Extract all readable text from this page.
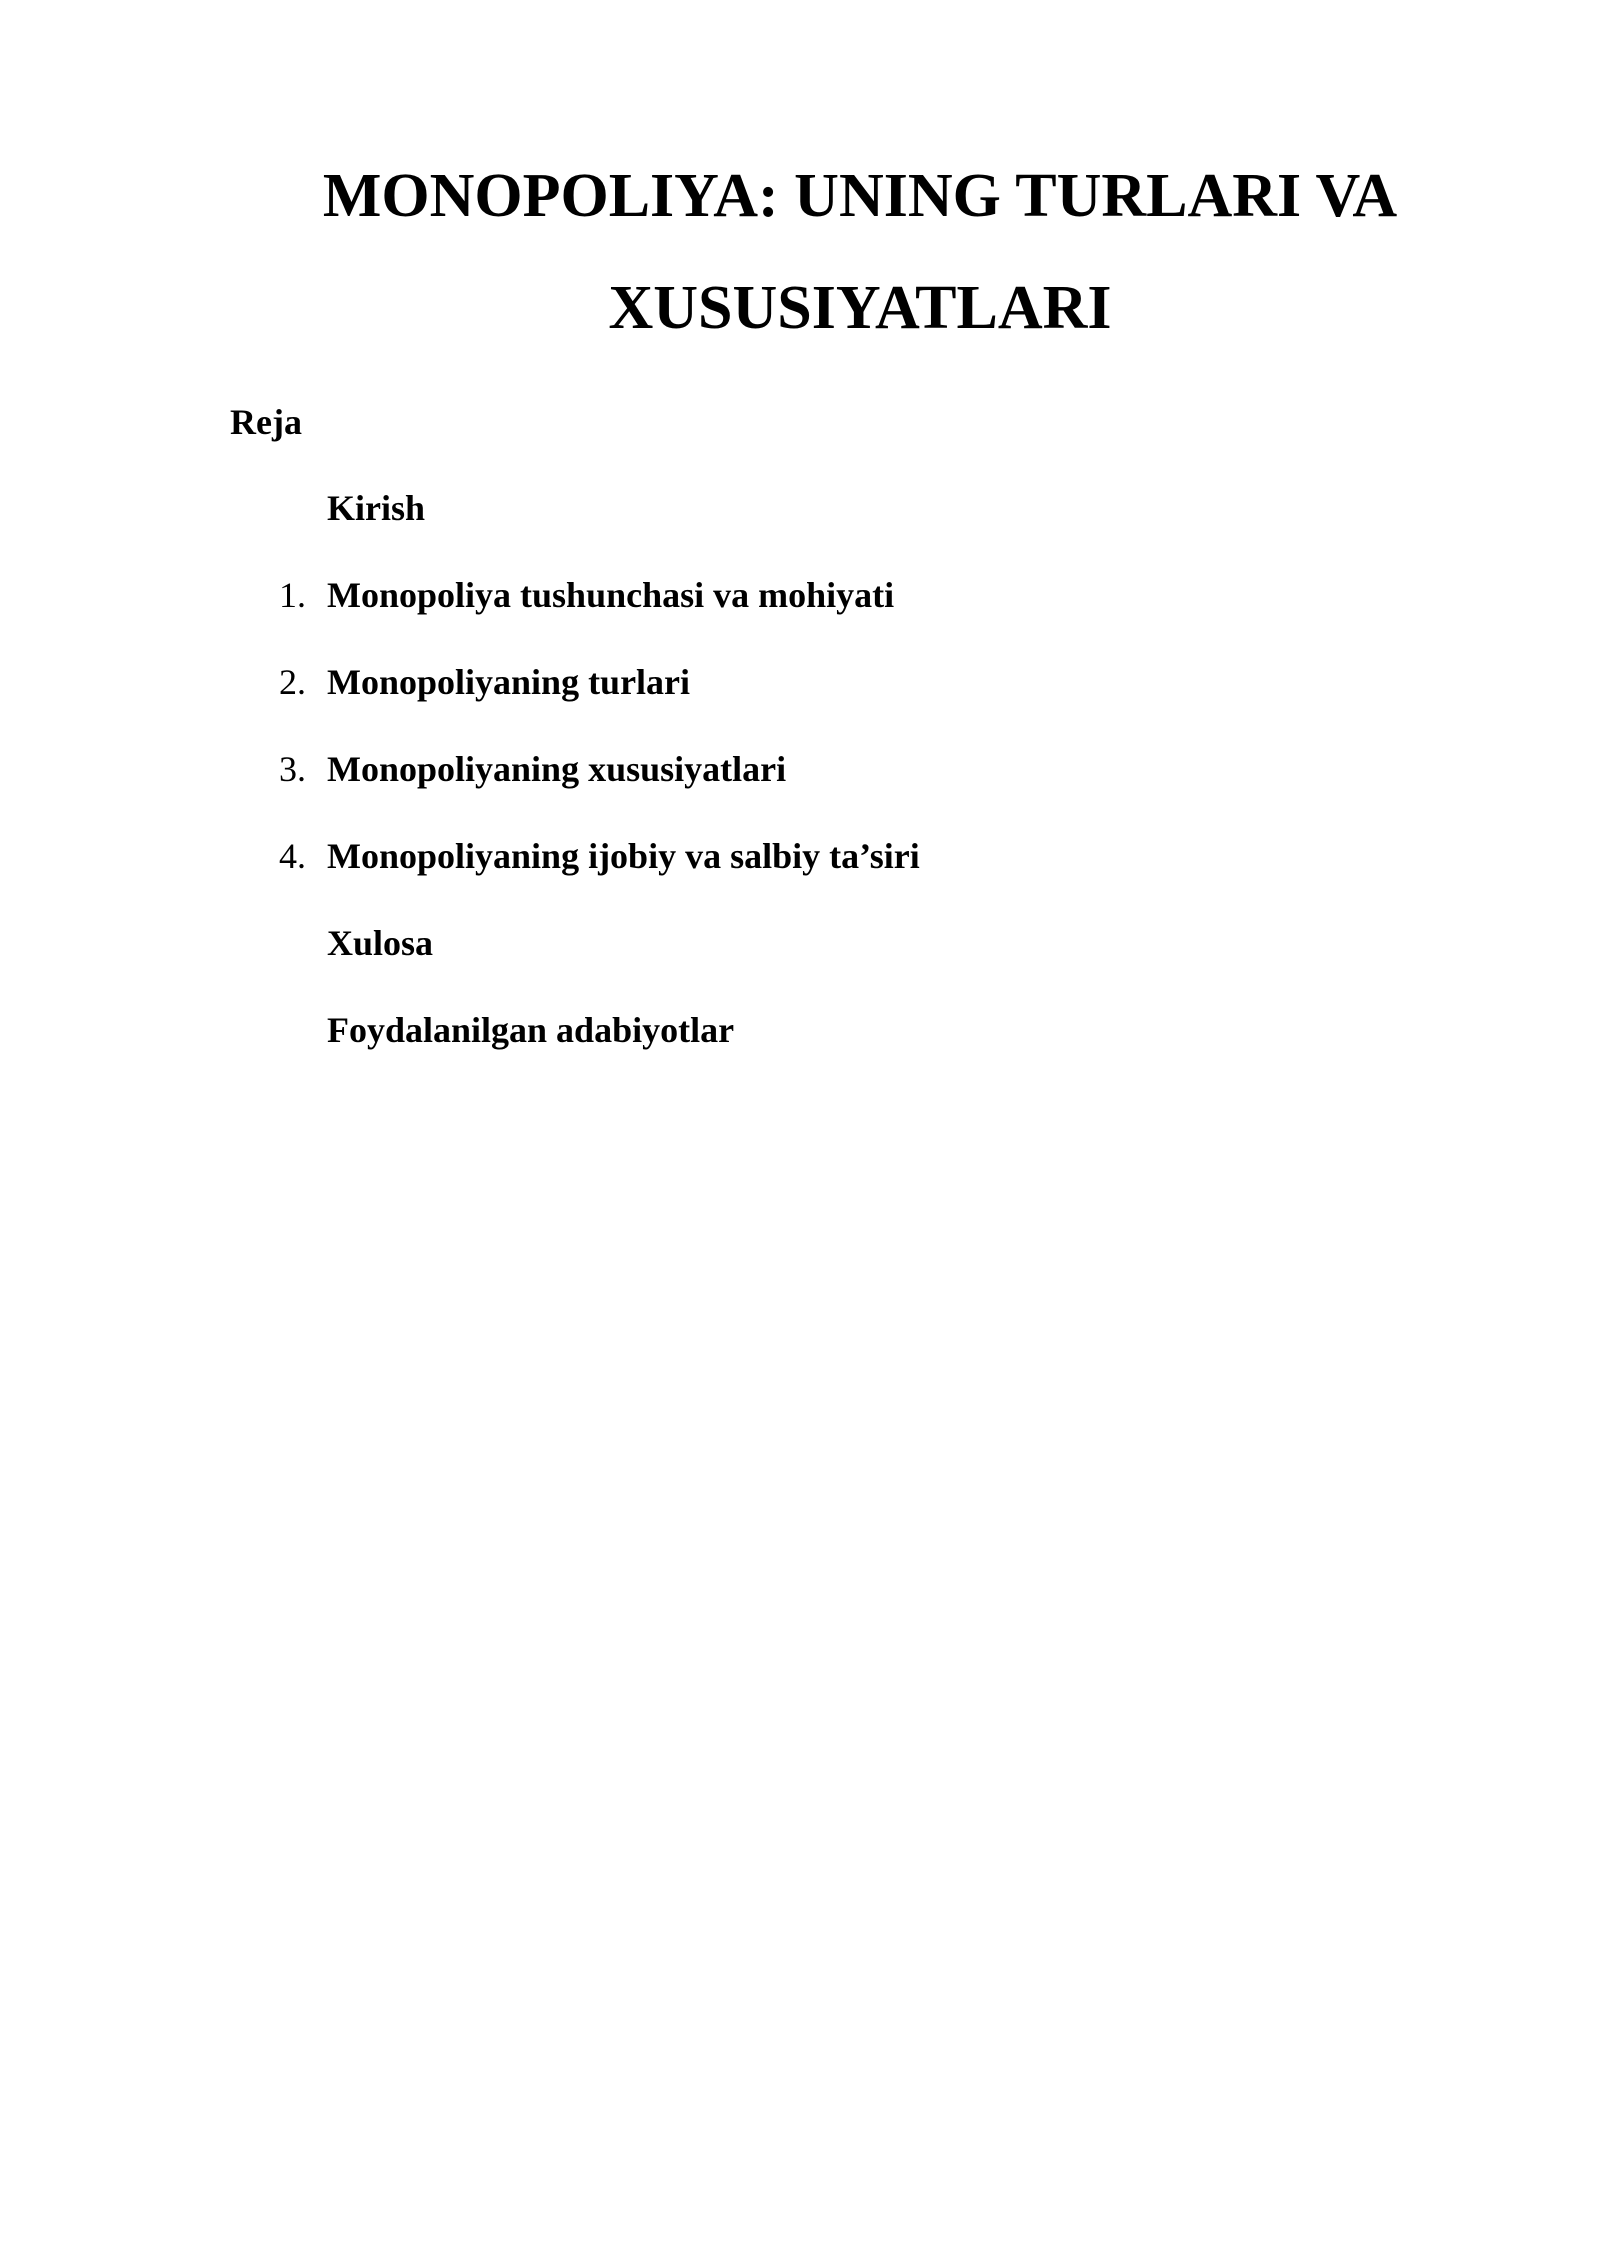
MONOPOLIYA: UNING TURLARI VA XUSUSIYATLARI
Reja
Kirish
1. Monopoliya tushunchasi va mohiyati
2. Monopoliyaning turlari
3. Monopoliyaning xususiyatlari
4. Monopoliyaning ijobiy va salbiy ta’siri
Xulosa
Foydalanilgan adabiyotlar
